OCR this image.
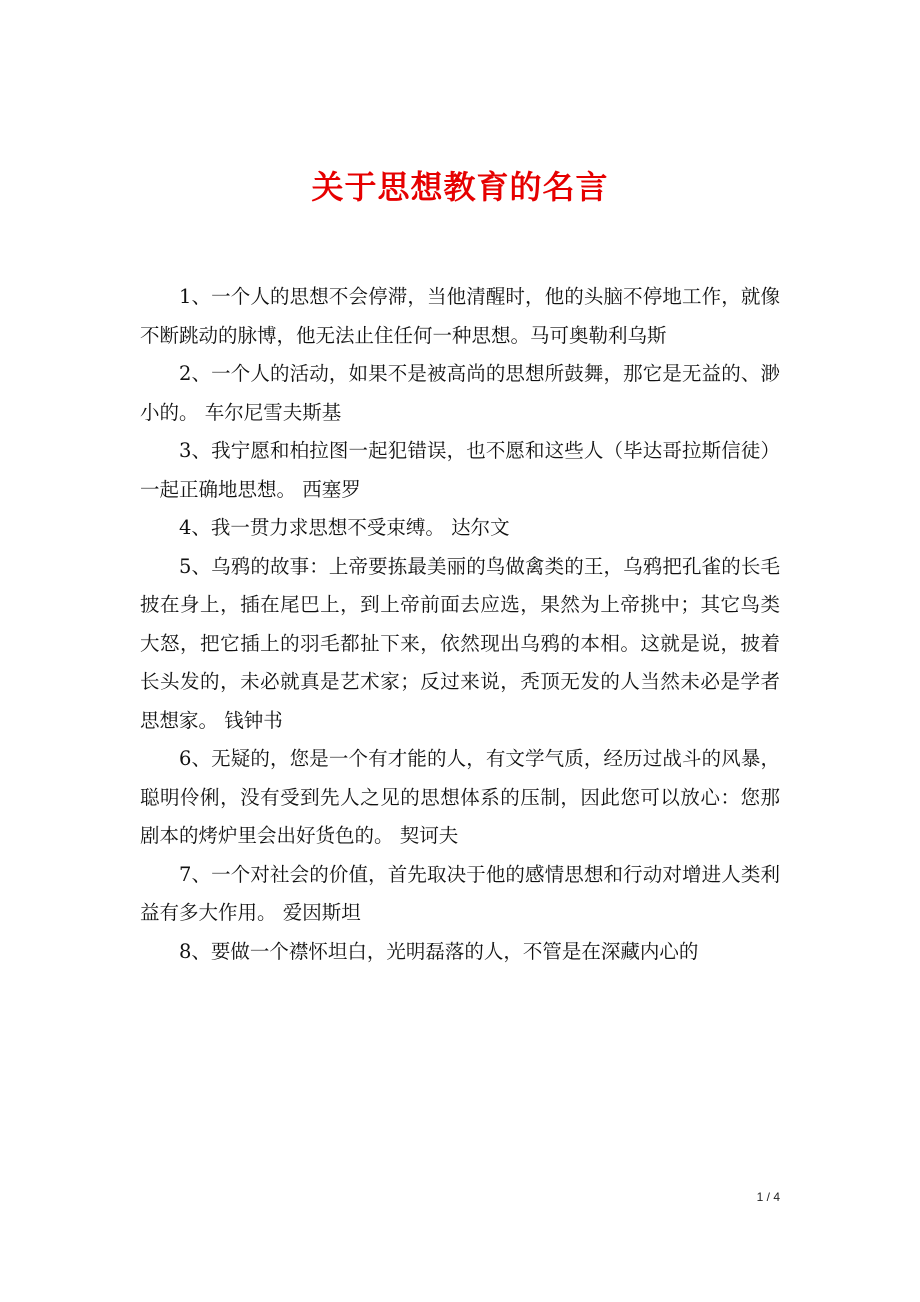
关于思想教育的名言

1、一个人的思想不会停滞，当他清醒时，他的头脑不停地工作，就像不断跳动的脉博，他无法止住任何一种思想。马可奥勒利乌斯

2、一个人的活动，如果不是被高尚的思想所鼓舞，那它是无益的、渺小的。 车尔尼雪夫斯基

3、我宁愿和柏拉图一起犯错误，也不愿和这些人（毕达哥拉斯信徒）一起正确地思想。 西塞罗

4、我一贯力求思想不受束缚。 达尔文

5、乌鸦的故事：上帝要拣最美丽的鸟做禽类的王，乌鸦把孔雀的长毛披在身上，插在尾巴上，到上帝前面去应选，果然为上帝挑中；其它鸟类大怒，把它插上的羽毛都扯下来，依然现出乌鸦的本相。这就是说，披着长头发的，未必就真是艺术家；反过来说，秃顶无发的人当然未必是学者思想家。 钱钟书

6、无疑的，您是一个有才能的人，有文学气质，经历过战斗的风暴，聪明伶俐，没有受到先人之见的思想体系的压制，因此您可以放心：您那剧本的烤炉里会出好货色的。 契诃夫

7、一个对社会的价值，首先取决于他的感情思想和行动对增进人类利益有多大作用。 爱因斯坦

8、要做一个襟怀坦白，光明磊落的人，不管是在深藏内心的

1 / 4
